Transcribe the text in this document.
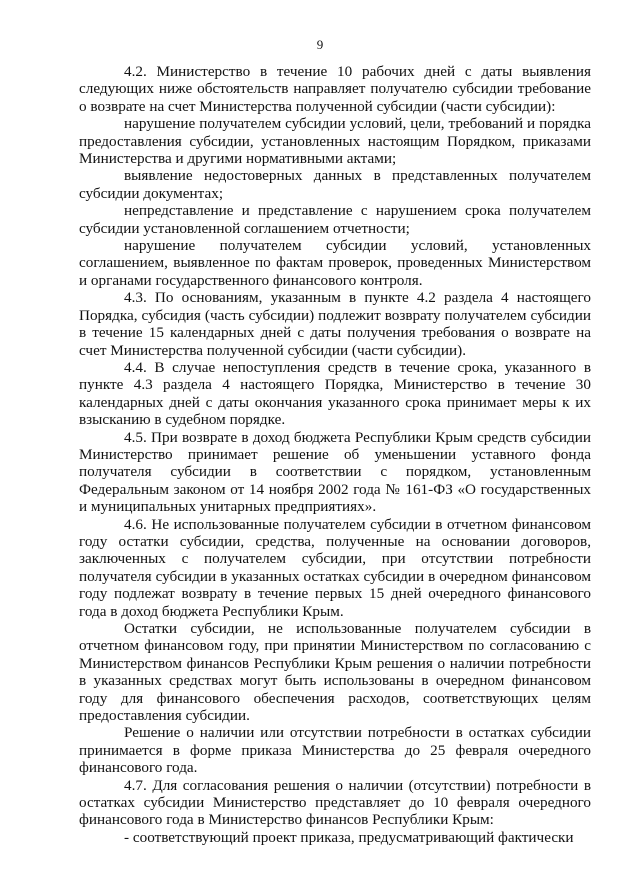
9

4.2. Министерство в течение 10 рабочих дней с даты выявления следующих ниже обстоятельств направляет получателю субсидии требование о возврате на счет Министерства полученной субсидии (части субсидии):

нарушение получателем субсидии условий, цели, требований и порядка предоставления субсидии, установленных настоящим Порядком, приказами Министерства и другими нормативными актами;

выявление недостоверных данных в представленных получателем субсидии документах;

непредставление и представление с нарушением срока получателем субсидии установленной соглашением отчетности;

нарушение получателем субсидии условий, установленных соглашением, выявленное по фактам проверок, проведенных Министерством и органами государственного финансового контроля.

4.3. По основаниям, указанным в пункте 4.2 раздела 4 настоящего Порядка, субсидия (часть субсидии) подлежит возврату получателем субсидии в течение 15 календарных дней с даты получения требования о возврате на счет Министерства полученной субсидии (части субсидии).

4.4. В случае непоступления средств в течение срока, указанного в пункте 4.3 раздела 4 настоящего Порядка, Министерство в течение 30 календарных дней с даты окончания указанного срока принимает меры к их взысканию в судебном порядке.

4.5. При возврате в доход бюджета Республики Крым средств субсидии Министерство принимает решение об уменьшении уставного фонда получателя субсидии в соответствии с порядком, установленным Федеральным законом от 14 ноября 2002 года № 161-ФЗ «О государственных и муниципальных унитарных предприятиях».

4.6. Не использованные получателем субсидии в отчетном финансовом году остатки субсидии, средства, полученные на основании договоров, заключенных с получателем субсидии, при отсутствии потребности получателя субсидии в указанных остатках субсидии в очередном финансовом году подлежат возврату в течение первых 15 дней очередного финансового года в доход бюджета Республики Крым.

Остатки субсидии, не использованные получателем субсидии в отчетном финансовом году, при принятии Министерством по согласованию с Министерством финансов Республики Крым решения о наличии потребности в указанных средствах могут быть использованы в очередном финансовом году для финансового обеспечения расходов, соответствующих целям предоставления субсидии.

Решение о наличии или отсутствии потребности в остатках субсидии принимается в форме приказа Министерства до 25 февраля очередного финансового года.

4.7. Для согласования решения о наличии (отсутствии) потребности в остатках субсидии Министерство представляет до 10 февраля очередного финансового года в Министерство финансов Республики Крым:

- соответствующий проект приказа, предусматривающий фактически
